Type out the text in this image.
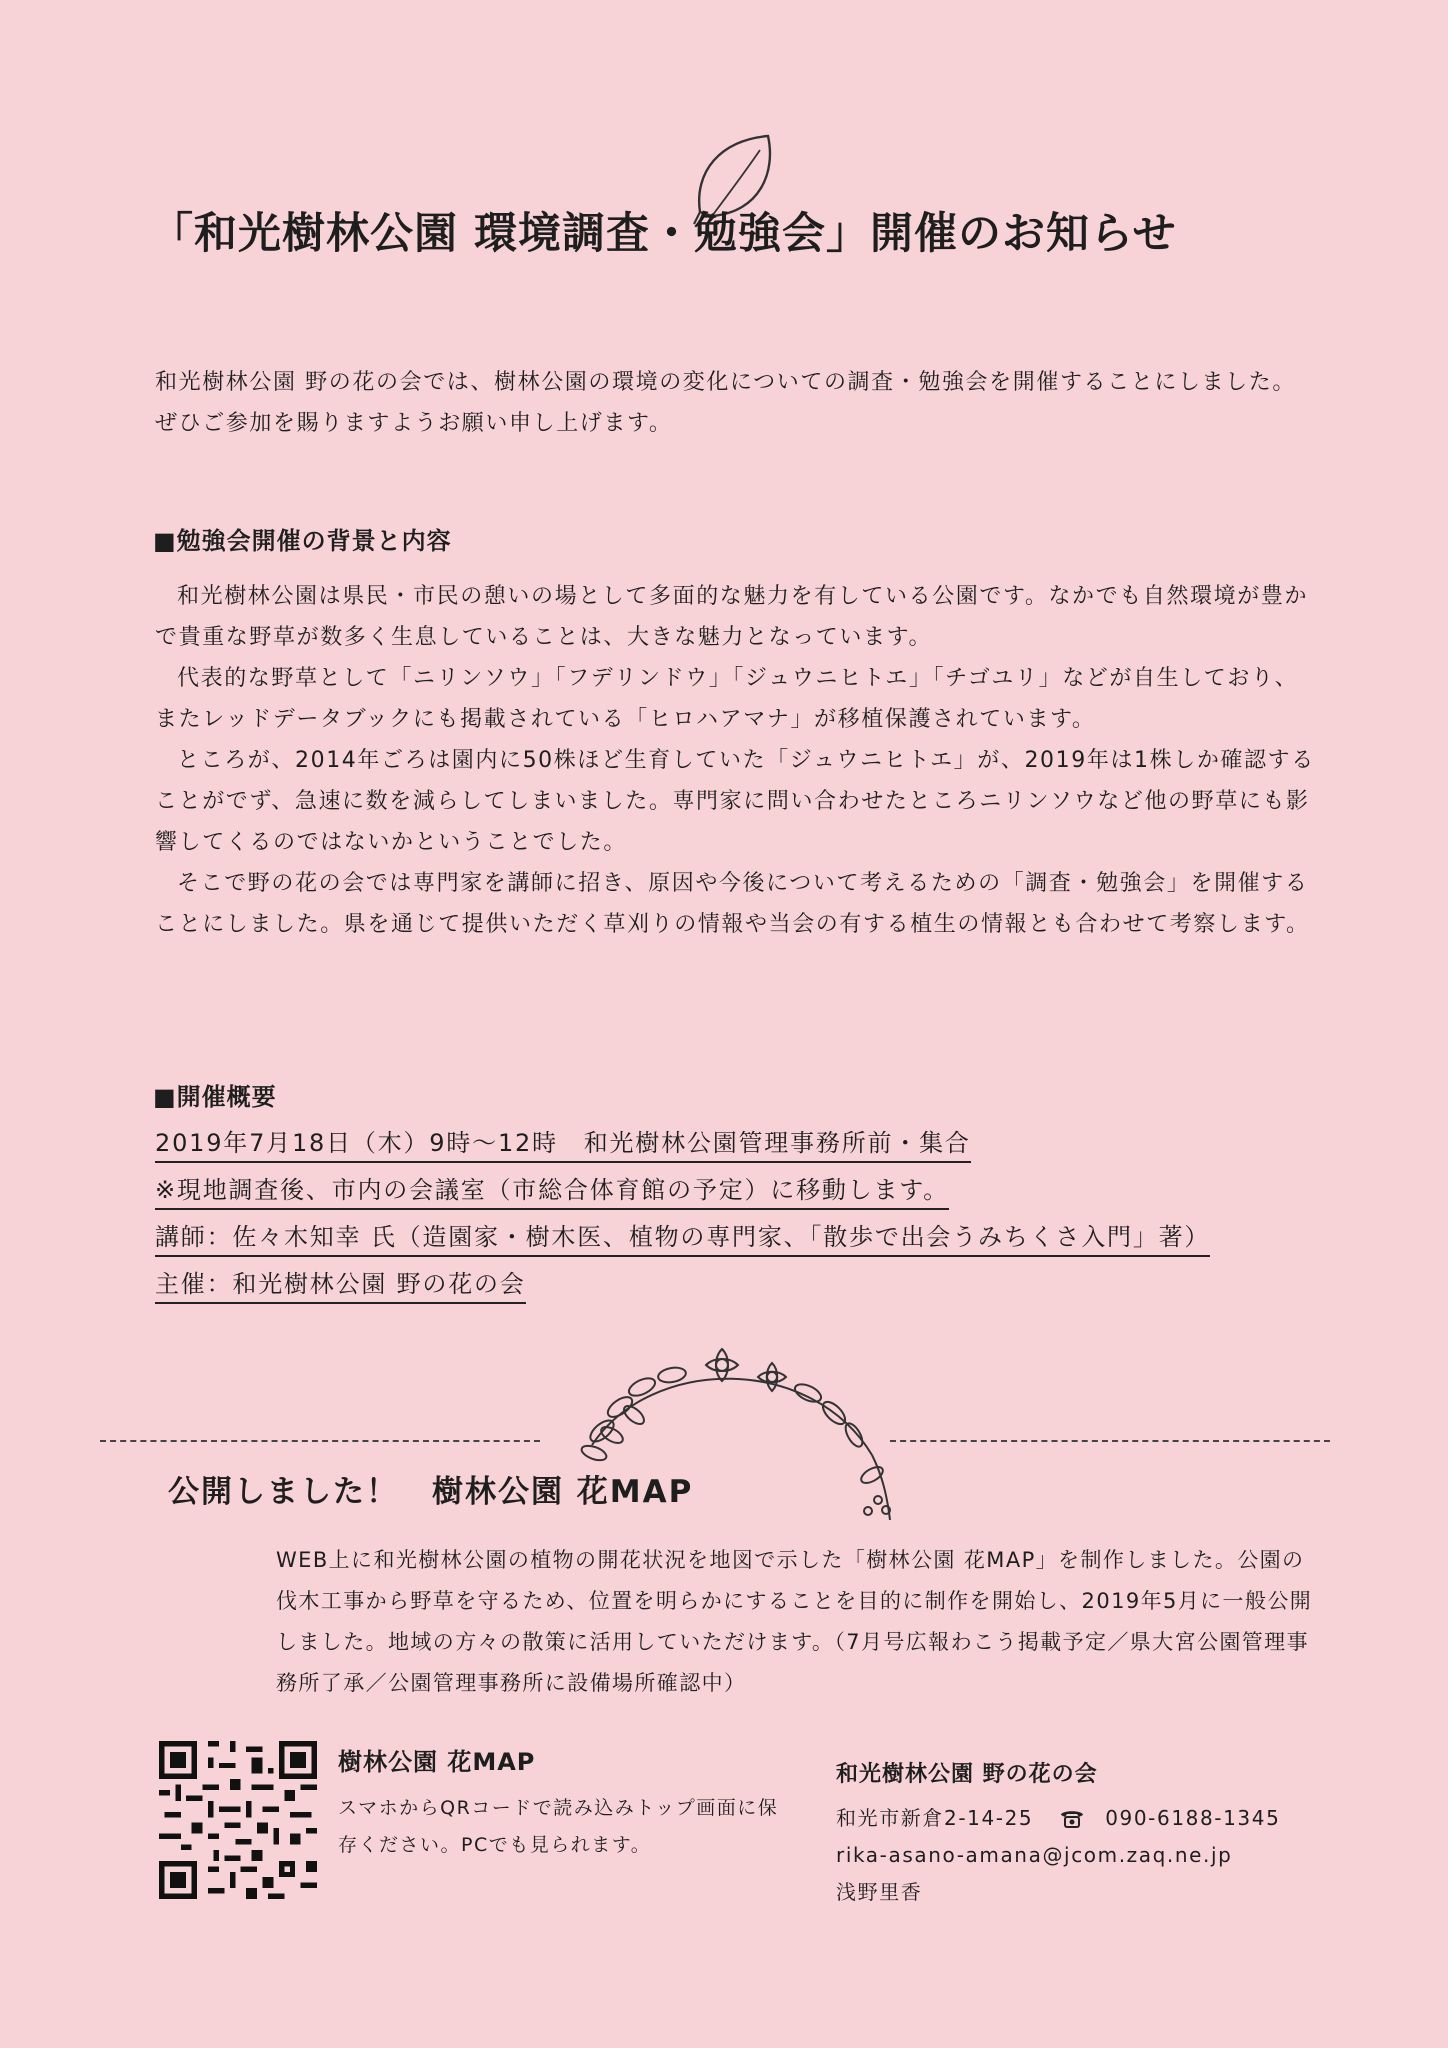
「和光樹林公園 環境調査・勉強会」開催のお知らせ

和光樹林公園 野の花の会では、樹林公園の環境の変化についての調査・勉強会を開催することにしました。ぜひご参加を賜りますようお願い申し上げます。

■勉強会開催の背景と内容

和光樹林公園は県民・市民の憩いの場として多面的な魅力を有している公園です。なかでも自然環境が豊かで貴重な野草が数多く生息していることは、大きな魅力となっています。

代表的な野草として「ニリンソウ」「フデリンドウ」「ジュウニヒトエ」「チゴユリ」などが自生しており、またレッドデータブックにも掲載されている「ヒロハアマナ」が移植保護されています。

ところが、2014年ごろは園内に50株ほど生育していた「ジュウニヒトエ」が、2019年は1株しか確認することがでず、急速に数を減らしてしまいました。専門家に問い合わせたところニリンソウなど他の野草にも影響してくるのではないかということでした。

そこで野の花の会では専門家を講師に招き、原因や今後について考えるための「調査・勉強会」を開催することにしました。県を通じて提供いただく草刈りの情報や当会の有する植生の情報とも合わせて考察します。

■開催概要
2019年7月18日（木）9時～12時　和光樹林公園管理事務所前・集合
※現地調査後、市内の会議室（市総合体育館の予定）に移動します。
講師：佐々木知幸 氏（造園家・樹木医、植物の専門家、「散歩で出会うみちくさ入門」著）
主催：和光樹林公園 野の花の会
公開しました！　樹林公園 花MAP

WEB上に和光樹林公園の植物の開花状況を地図で示した「樹林公園 花MAP」を制作しました。公園の伐木工事から野草を守るため、位置を明らかにすることを目的に制作を開始し、2019年5月に一般公開しました。地域の方々の散策に活用していただけます。（7月号広報わこう掲載予定／県大宮公園管理事務所了承／公園管理事務所に設備場所確認中）

樹林公園 花MAP

スマホからQRコードで読み込みトップ画面に保存ください。PCでも見られます。

和光樹林公園 野の花の会
和光市新倉2-14-25	090-6188-1345
rika-asano-amana@jcom.zaq.ne.jp
浅野里香
